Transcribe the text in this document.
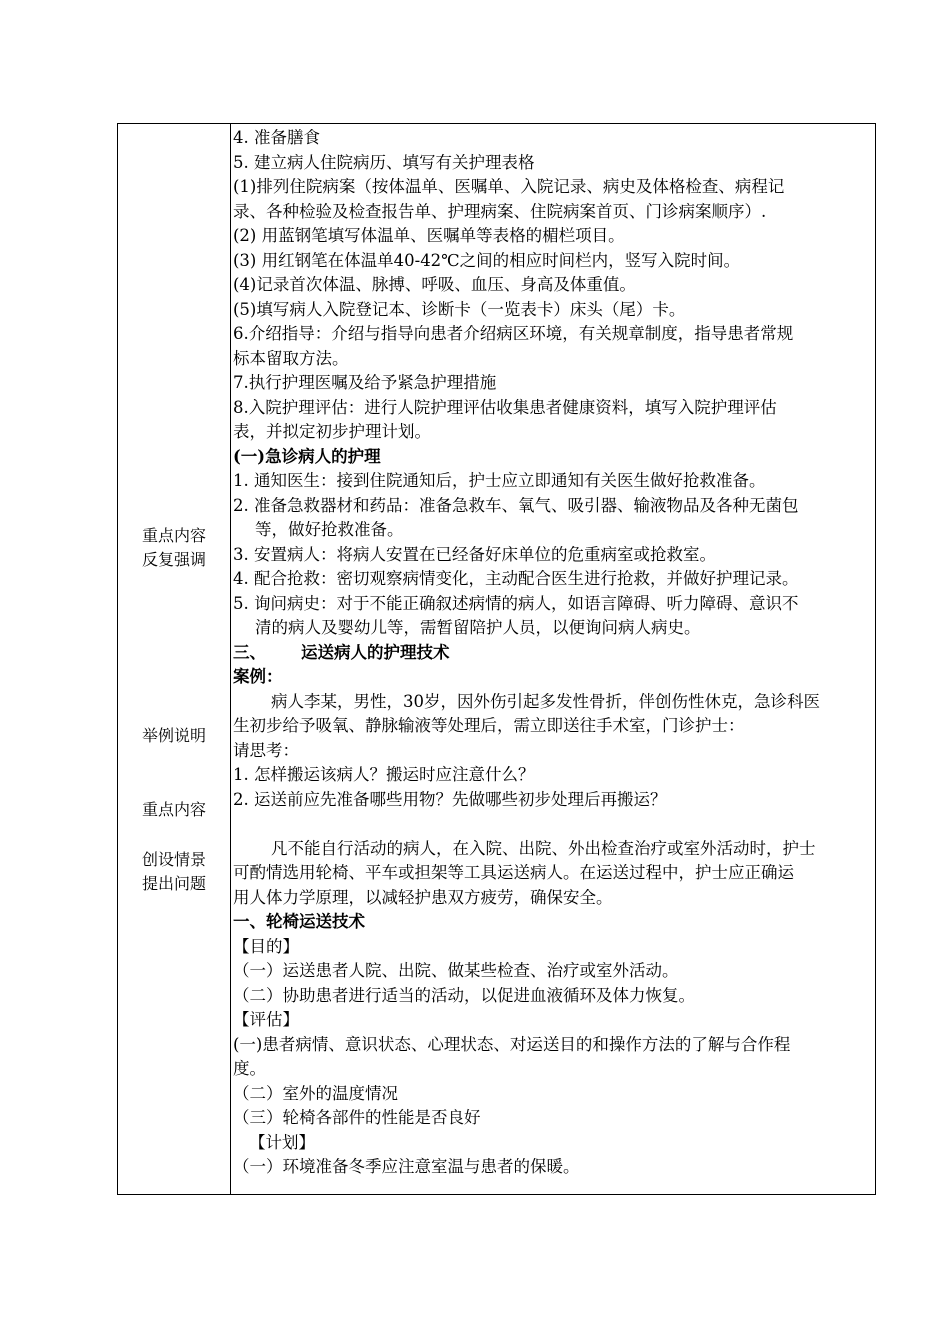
重点内容
反复强调
举例说明
重点内容
创设情景
提出问题
4. 准备膳食
5. 建立病人住院病历、填写有关护理表格
(1)排列住院病案（按体温单、医嘱单、入院记录、病史及体格检查、病程记
录、各种检验及检查报告单、护理病案、住院病案首页、门诊病案顺序）.
(2) 用蓝钢笔填写体温单、医嘱单等表格的楣栏项目。
(3) 用红钢笔在体温单40-42℃之间的相应时间栏内，竖写入院时间。
(4)记录首次体温、脉搏、呼吸、血压、身高及体重值。
(5)填写病人入院登记本、诊断卡（一览表卡）床头（尾）卡。
6.介绍指导：介绍与指导向患者介绍病区环境，有关规章制度，指导患者常规
标本留取方法。
7.执行护理医嘱及给予紧急护理措施
8.入院护理评估：进行人院护理评估收集患者健康资料，填写入院护理评估
表，并拟定初步护理计划。
(一)急诊病人的护理
1. 通知医生：接到住院通知后，护士应立即通知有关医生做好抢救准备。
2. 准备急救器材和药品：准备急救车、氧气、吸引器、输液物品及各种无菌包
等，做好抢救准备。
3. 安置病人：将病人安置在已经备好床单位的危重病室或抢救室。
4. 配合抢救：密切观察病情变化，主动配合医生进行抢救，并做好护理记录。
5. 询问病史：对于不能正确叙述病情的病人，如语言障碍、听力障碍、意识不
清的病人及婴幼儿等，需暂留陪护人员，以便询问病人病史。
三、	运送病人的护理技术
案例：
病人李某，男性，30岁，因外伤引起多发性骨折，伴创伤性休克，急诊科医
生初步给予吸氧、静脉输液等处理后，需立即送往手术室，门诊护士：
请思考：
1. 怎样搬运该病人？搬运时应注意什么？
2. 运送前应先准备哪些用物？先做哪些初步处理后再搬运？
凡不能自行活动的病人，在入院、出院、外出检查治疗或室外活动时，护士
可酌情选用轮椅、平车或担架等工具运送病人。在运送过程中，护士应正确运
用人体力学原理，以减轻护患双方疲劳，确保安全。
一、轮椅运送技术
【目的】
（一）运送患者人院、出院、做某些检查、治疗或室外活动。
（二）协助患者进行适当的活动，以促进血液循环及体力恢复。
【评估】
(一)患者病情、意识状态、心理状态、对运送目的和操作方法的了解与合作程
度。
（二）室外的温度情况
（三）轮椅各部件的性能是否良好
【计划】
（一）环境准备冬季应注意室温与患者的保暖。
